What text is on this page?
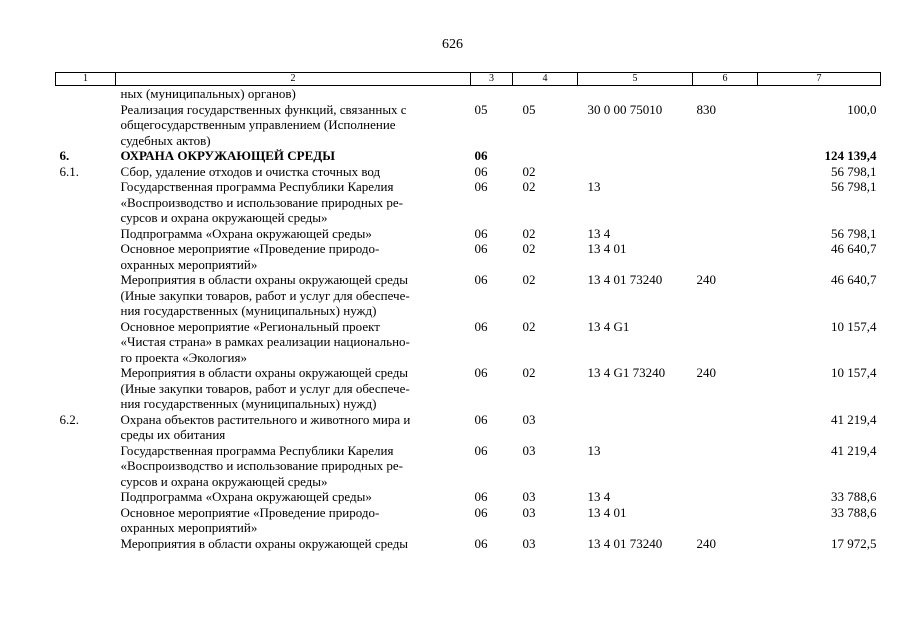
626
1	2	3	4	5	6	7

	ных (муниципальных) органов)					

	Реализация государственных функций, связанных с
общегосударственным управлением (Исполнение
судебных актов)	05	05	30 0 00 75010	830	100,0
6.	ОХРАНА ОКРУЖАЮЩЕЙ СРЕДЫ	06				124 139,4
6.1.	Сбор, удаление отходов и очистка сточных вод	06	02			56 798,1

	Государственная программа Республики Карелия
«Воспроизводство и использование природных ре-
сурсов и охрана окружающей среды»	06	02	13		56 798,1

	Подпрограмма «Охрана окружающей среды»	06	02	13 4		56 798,1

	Основное мероприятие «Проведение природо-
охранных мероприятий»	06	02	13 4 01		46 640,7

	Мероприятия в области охраны окружающей среды
(Иные закупки товаров, работ и услуг для обеспече-
ния государственных (муниципальных) нужд)	06	02	13 4 01 73240	240	46 640,7

	Основное мероприятие «Региональный проект
«Чистая страна» в рамках реализации национально-
го проекта «Экология»	06	02	13 4 G1		10 157,4

	Мероприятия в области охраны окружающей среды
(Иные закупки товаров, работ и услуг для обеспече-
ния государственных (муниципальных) нужд)	06	02	13 4 G1 73240	240	10 157,4
6.2.	Охрана объектов растительного и животного мира и
среды их обитания	06	03			41 219,4

	Государственная программа Республики Карелия
«Воспроизводство и использование природных ре-
сурсов и охрана окружающей среды»	06	03	13		41 219,4

	Подпрограмма «Охрана окружающей среды»	06	03	13 4		33 788,6

	Основное мероприятие «Проведение природо-
охранных мероприятий»	06	03	13 4 01		33 788,6

	Мероприятия в области охраны окружающей среды	06	03	13 4 01 73240	240	17 972,5
